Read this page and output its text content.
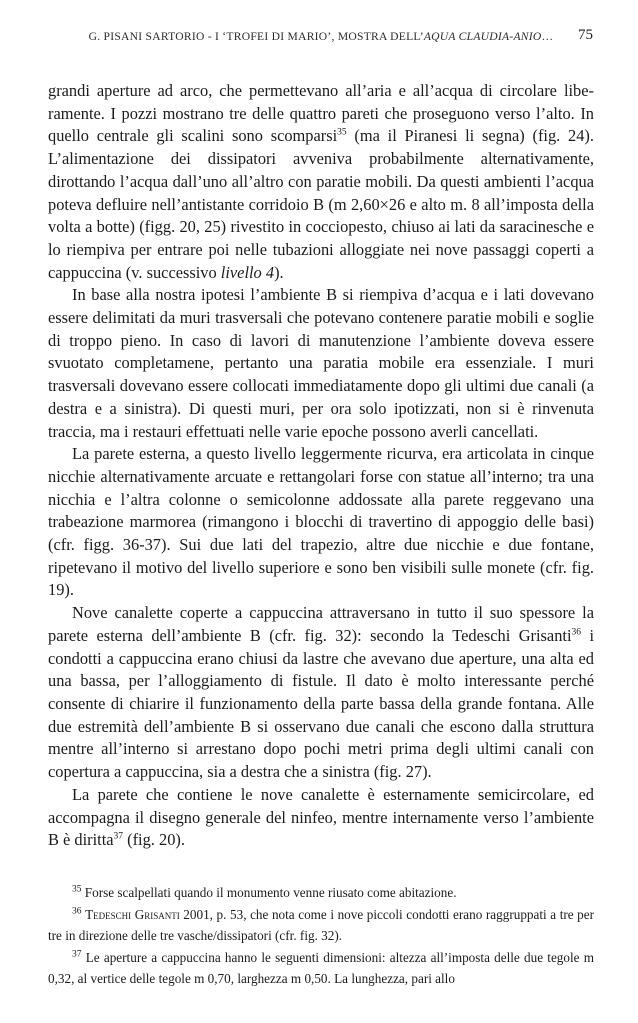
G. PISANI SARTORIO - I ‘TROFEI DI MARIO’, MOSTRA DELL’AQUA CLAUDIA-ANIO…	75

grandi aperture ad arco, che permettevano all’aria e all’acqua di circolare liberamente. I pozzi mostrano tre delle quattro pareti che proseguono verso l’alto. In quello centrale gli scalini sono scomparsi$^{35}$ (ma il Piranesi li segna) (fig. 24). L’alimentazione dei dissipatori avveniva probabilmente alternativamente, dirottando l’acqua dall’uno all’altro con paratie mobili. Da questi ambienti l’acqua poteva defluire nell’antistante corridoio B (m 2,60×26 e alto m. 8 all’imposta della volta a botte) (figg. 20, 25) rivestito in cocciopesto, chiuso ai lati da saracinesche e lo riempiva per entrare poi nelle tubazioni alloggiate nei nove passaggi coperti a cappuccina (v. successivo livello 4).

In base alla nostra ipotesi l’ambiente B si riempiva d’acqua e i lati dovevano essere delimitati da muri trasversali che potevano contenere paratie mobili e soglie di troppo pieno. In caso di lavori di manutenzione l’ambiente doveva essere svuotato completamene, pertanto una paratia mobile era essenziale. I muri trasversali dovevano essere collocati immediatamente dopo gli ultimi due canali (a destra e a sinistra). Di questi muri, per ora solo ipotizzati, non si è rinvenuta traccia, ma i restauri effettuati nelle varie epoche possono averli cancellati.

La parete esterna, a questo livello leggermente ricurva, era articolata in cinque nicchie alternativamente arcuate e rettangolari forse con statue all’interno; tra una nicchia e l’altra colonne o semicolonne addossate alla parete reggevano una trabeazione marmorea (rimangono i blocchi di travertino di appoggio delle basi) (cfr. figg. 36-37). Sui due lati del trapezio, altre due nicchie e due fontane, ripetevano il motivo del livello superiore e sono ben visibili sulle monete (cfr. fig. 19).

Nove canalette coperte a cappuccina attraversano in tutto il suo spessore la parete esterna dell’ambiente B (cfr. fig. 32): secondo la Tedeschi Grisanti$^{36}$ i condotti a cappuccina erano chiusi da lastre che avevano due aperture, una alta ed una bassa, per l’alloggiamento di fistule. Il dato è molto interessante perché consente di chiarire il funzionamento della parte bassa della grande fontana. Alle due estremità dell’ambiente B si osservano due canali che escono dalla struttura mentre all’interno si arrestano dopo pochi metri prima degli ultimi canali con copertura a cappuccina, sia a destra che a sinistra (fig. 27).

La parete che contiene le nove canalette è esternamente semicircolare, ed accompagna il disegno generale del ninfeo, mentre internamente verso l’ambiente B è diritta$^{37}$ (fig. 20).

$^{35}$ Forse scalpellati quando il monumento venne riusato come abitazione.

$^{36}$ Tedeschi Grisanti 2001, p. 53, che nota come i nove piccoli condotti erano raggruppati a tre per tre in direzione delle tre vasche/dissipatori (cfr. fig. 32).

$^{37}$ Le aperture a cappuccina hanno le seguenti dimensioni: altezza all’imposta delle due tegole m 0,32, al vertice delle tegole m 0,70, larghezza m 0,50. La lunghezza, pari allo
